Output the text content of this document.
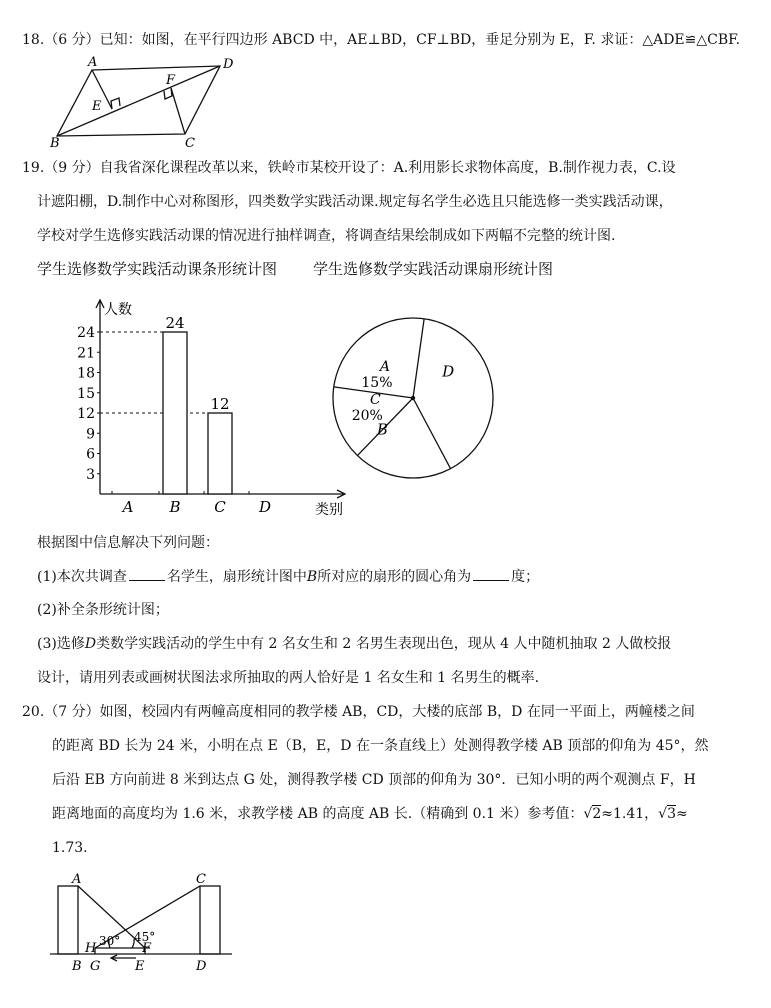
18.（6 分）已知：如图，在平行四边形 ABCD 中，AE⊥BD，CF⊥BD，垂足分别为 E，F. 求证：△ADE≌△CBF.
A	D
B	C
E
F
19.（9 分）自我省深化课程改革以来，铁岭市某校开设了：A.利用影长求物体高度，B.制作视力表，C.设
计遮阳棚，D.制作中心对称图形，四类数学实践活动课.规定每名学生必选且只能选修一类实践活动课，
学校对学生选修实践活动课的情况进行抽样调查，将调查结果绘制成如下两幅不完整的统计图.
学生选修数学实践活动课条形统计图 学生选修数学实践活动课扇形统计图
人数
类别
3
6
9
12
15
18
21
24
A B
24
C
12
D
A
15%
C
20%
B
D
根据图中信息解决下列问题：
(1)本次共调查	名学生，扇形统计图中B所对应的扇形的圆心角为	度；
(2)补全条形统计图；
(3)选修D类数学实践活动的学生中有 2 名女生和 2 名男生表现出色，现从 4 人中随机抽取 2 人做校报
设计，请用列表或画树状图法求所抽取的两人恰好是 1 名女生和 1 名男生的概率.
20.（7 分）如图，校园内有两幢高度相同的教学楼 AB，CD，大楼的底部 B，D 在同一平面上，两幢楼之间
的距离 BD 长为 24 米，小明在点 E（B，E，D 在一条直线上）处测得教学楼 AB 顶部的仰角为 45°，然
后沿 EB 方向前进 8 米到达点 G 处，测得教学楼 CD 顶部的仰角为 30°．已知小明的两个观测点 F，H
距离地面的高度均为 1.6 米，求教学楼 AB 的高度 AB 长.（精确到 0.1 米）参考值：√2≈1.41，√3≈
1.73.
A	C
30° 45°
H	F
B G	E	D
